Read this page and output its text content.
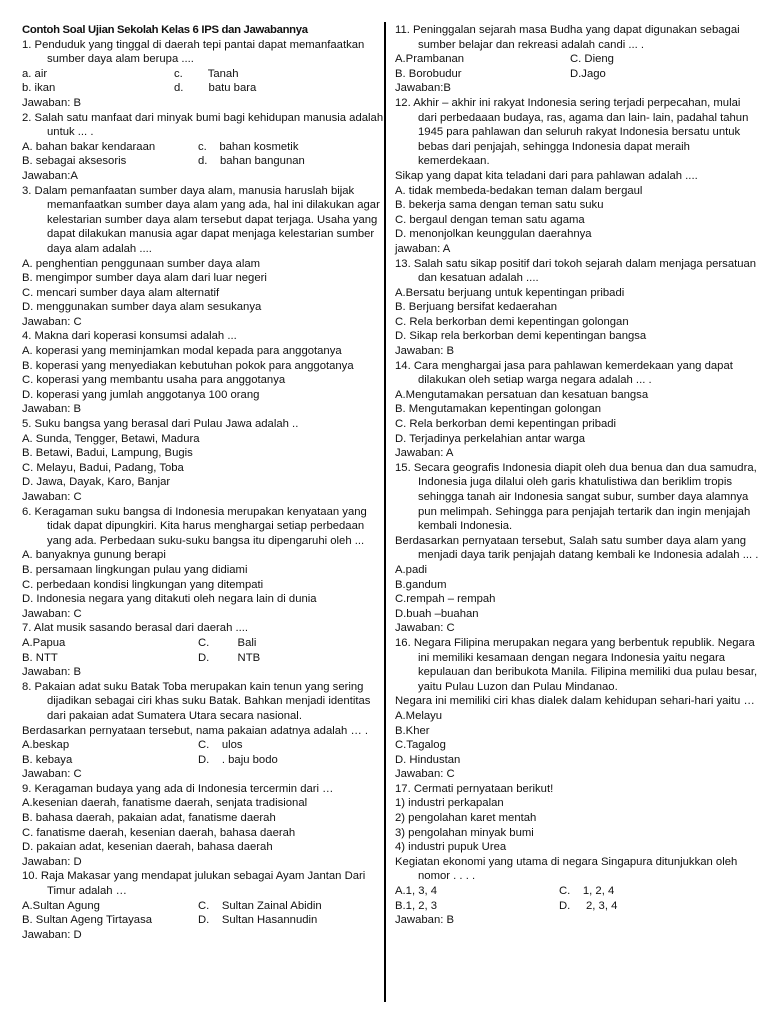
Contoh Soal Ujian Sekolah Kelas 6 IPS dan Jawabannya
1. Penduduk yang tinggal di daerah tepi pantai dapat memanfaatkan
sumber daya alam berupa ....
a. air	c.        Tanah
b. ikan	d.        batu bara
Jawaban: B
2. Salah satu manfaat dari minyak bumi bagi kehidupan manusia adalah
untuk ... .
A. bahan bakar kendaraan	c.    bahan kosmetik
B. sebagai aksesoris	d.    bahan bangunan
Jawaban:A
3. Dalam pemanfaatan sumber daya alam, manusia haruslah bijak
memanfaatkan sumber daya alam yang ada, hal ini dilakukan agar
kelestarian sumber daya alam tersebut dapat terjaga. Usaha yang
dapat dilakukan manusia agar dapat menjaga kelestarian sumber
daya alam adalah ....
A. penghentian penggunaan sumber daya alam
B. mengimpor sumber daya alam dari luar negeri
C. mencari sumber daya alam alternatif
D. menggunakan sumber daya alam sesukanya
Jawaban: C
4. Makna dari koperasi konsumsi adalah ...
A. koperasi yang meminjamkan modal kepada para anggotanya
B. koperasi yang menyediakan kebutuhan pokok para anggotanya
C. koperasi yang membantu usaha para anggotanya
D. koperasi yang jumlah anggotanya 100 orang
Jawaban: B
5. Suku bangsa yang berasal dari Pulau Jawa adalah ..
A. Sunda, Tengger, Betawi, Madura
B. Betawi, Badui, Lampung, Bugis
C. Melayu, Badui, Padang, Toba
D. Jawa, Dayak, Karo, Banjar
Jawaban: C
6. Keragaman suku bangsa di Indonesia merupakan kenyataan yang
tidak dapat dipungkiri. Kita harus menghargai setiap perbedaan
yang ada. Perbedaan suku-suku bangsa itu dipengaruhi oleh ...
A. banyaknya gunung berapi
B. persamaan lingkungan pulau yang didiami
C. perbedaan kondisi lingkungan yang ditempati
D. Indonesia negara yang ditakuti oleh negara lain di dunia
Jawaban: C
7. Alat musik sasando berasal dari daerah ....
A.Papua	C.         Bali
B. NTT	D.         NTB
Jawaban: B
8. Pakaian adat suku Batak Toba merupakan kain tenun yang sering
dijadikan sebagai ciri khas suku Batak. Bahkan menjadi identitas
dari pakaian adat Sumatera Utara secara nasional.
Berdasarkan pernyataan tersebut, nama pakaian adatnya adalah … .
A.beskap	C.    ulos
B. kebaya	D.    . baju bodo
Jawaban: C
9. Keragaman budaya yang ada di Indonesia tercermin dari …
A.kesenian daerah, fanatisme daerah, senjata tradisional
B. bahasa daerah, pakaian adat, fanatisme daerah
C. fanatisme daerah, kesenian daerah, bahasa daerah
D. pakaian adat, kesenian daerah, bahasa daerah
Jawaban: D
10. Raja Makasar yang mendapat julukan sebagai Ayam Jantan Dari
Timur adalah …
A.Sultan Agung	C.    Sultan Zainal Abidin
B. Sultan Ageng Tirtayasa	D.    Sultan Hasannudin
Jawaban: D
11. Peninggalan sejarah masa Budha yang dapat digunakan sebagai
sumber belajar dan rekreasi adalah candi ... .
A.Prambanan	C. Dieng
B. Borobudur	D.Jago
Jawaban:B
12. Akhir – akhir ini rakyat Indonesia sering terjadi perpecahan, mulai
dari perbedaaan budaya, ras, agama dan lain- lain, padahal tahun
1945 para pahlawan dan seluruh rakyat Indonesia bersatu untuk
bebas dari penjajah, sehingga Indonesia dapat meraih
kemerdekaan.
Sikap yang dapat kita teladani dari para pahlawan adalah ....
A. tidak membeda-bedakan teman dalam bergaul
B. bekerja sama dengan teman satu suku
C. bergaul dengan teman satu agama
D. menonjolkan keunggulan daerahnya
jawaban: A
13. Salah satu sikap positif dari tokoh sejarah dalam menjaga persatuan
dan kesatuan adalah ....
A.Bersatu berjuang untuk kepentingan pribadi
B. Berjuang bersifat kedaerahan
C. Rela berkorban demi kepentingan golongan
D. Sikap rela berkorban demi kepentingan bangsa
Jawaban: B
14. Cara menghargai jasa para pahlawan kemerdekaan yang dapat
dilakukan oleh setiap warga negara adalah ... .
A.Mengutamakan persatuan dan kesatuan bangsa
B. Mengutamakan kepentingan golongan
C. Rela berkorban demi kepentingan pribadi
D. Terjadinya perkelahian antar warga
Jawaban: A
15. Secara geografis Indonesia diapit oleh dua benua dan dua samudra,
Indonesia juga dilalui oleh garis khatulistiwa dan beriklim tropis
sehingga tanah air Indonesia sangat subur, sumber daya alamnya
pun melimpah. Sehingga para penjajah tertarik dan ingin menjajah
kembali Indonesia.
Berdasarkan pernyataan tersebut, Salah satu sumber daya alam yang
menjadi daya tarik penjajah datang kembali ke Indonesia adalah ... .
A.padi
B.gandum
C.rempah – rempah
D.buah –buahan
Jawaban: C
16. Negara Filipina merupakan negara yang berbentuk republik. Negara
ini memiliki kesamaan dengan negara Indonesia yaitu negara
kepulauan dan beribukota Manila. Filipina memiliki dua pulau besar,
yaitu Pulau Luzon dan Pulau Mindanao.
Negara ini memiliki ciri khas dialek dalam kehidupan sehari-hari yaitu …
A.Melayu
B.Kher
C.Tagalog
D. Hindustan
Jawaban: C
17. Cermati pernyataan berikut!
1) industri perkapalan
2) pengolahan karet mentah
3) pengolahan minyak bumi
4) industri pupuk Urea
Kegiatan ekonomi yang utama di negara Singapura ditunjukkan oleh
nomor . . . .
A.1, 3, 4	C.    1, 2, 4
B.1, 2, 3	D.     2, 3, 4
Jawaban: B
